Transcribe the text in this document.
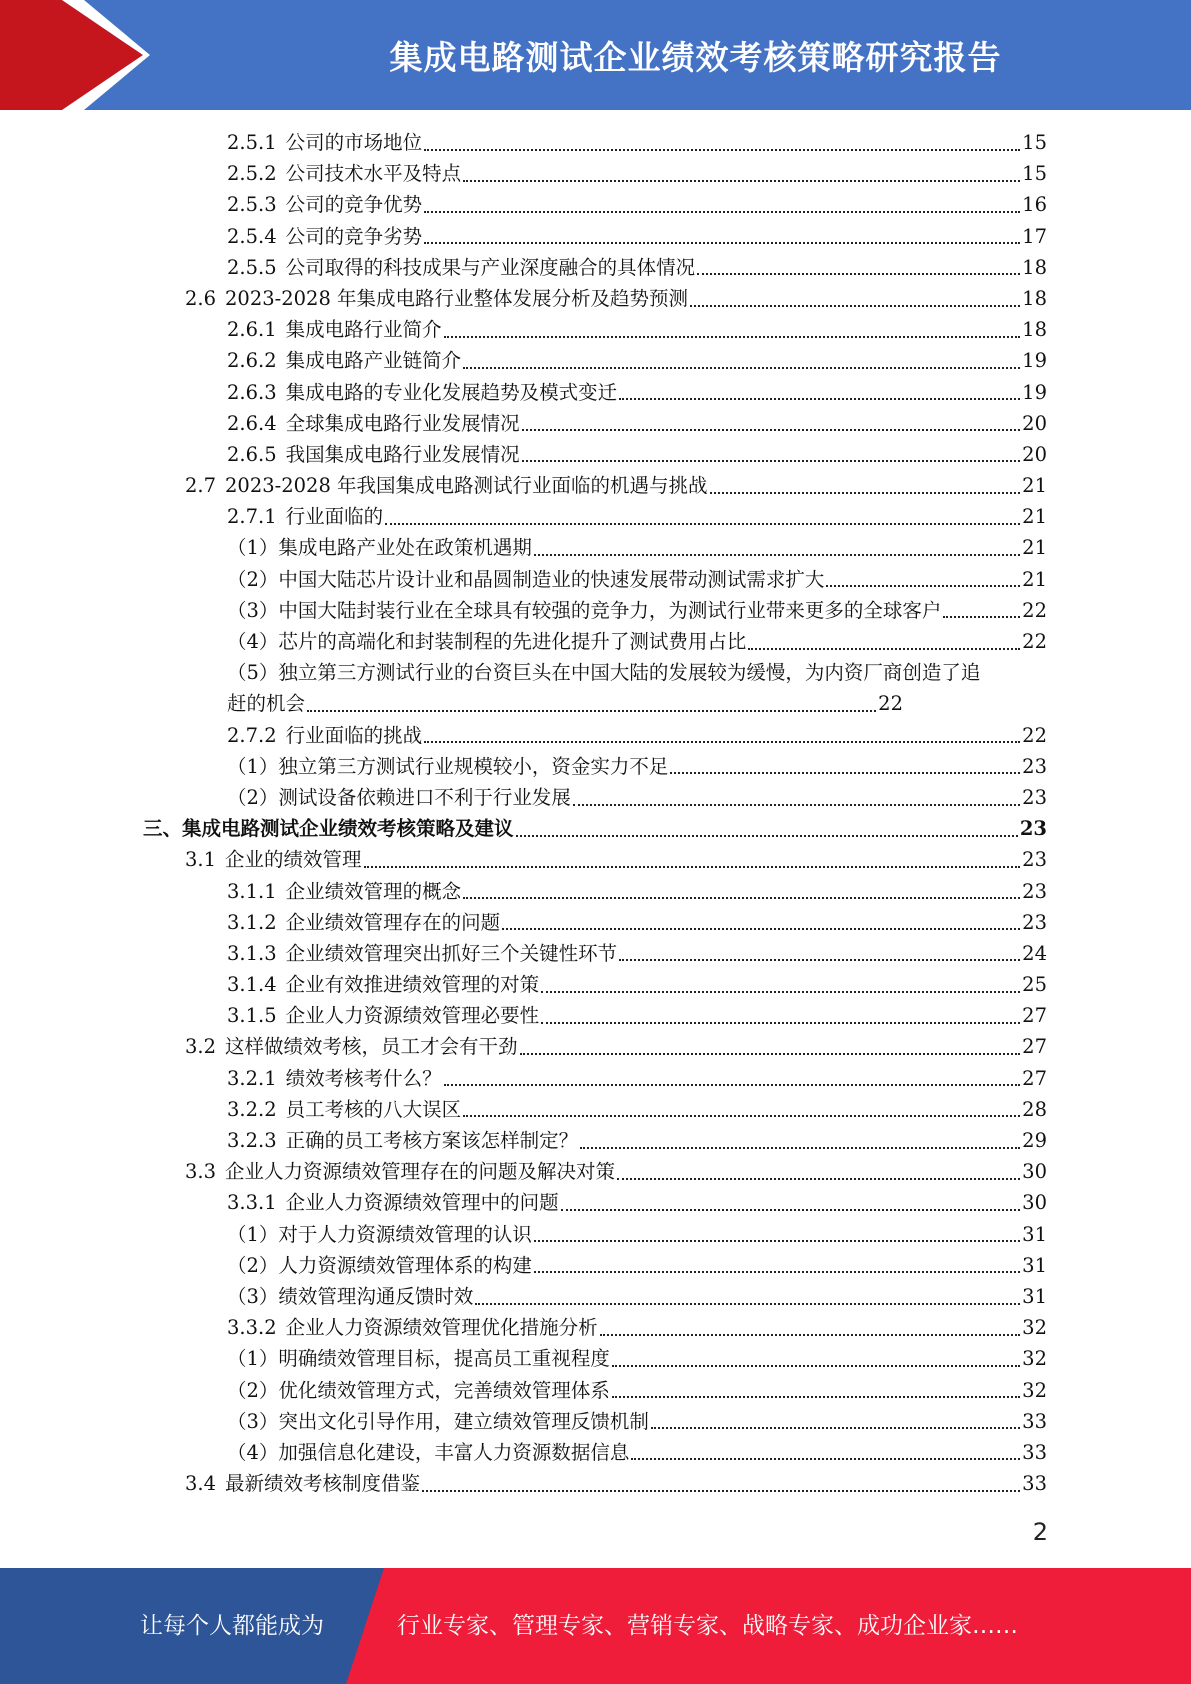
集成电路测试企业绩效考核策略研究报告
2.5.1 公司的市场地位	15
2.5.2 公司技术水平及特点	15
2.5.3 公司的竞争优势	16
2.5.4 公司的竞争劣势	17
2.5.5 公司取得的科技成果与产业深度融合的具体情况	18
2.6 2023-2028 年集成电路行业整体发展分析及趋势预测	18
2.6.1 集成电路行业简介	18
2.6.2 集成电路产业链简介	19
2.6.3 集成电路的专业化发展趋势及模式变迁	19
2.6.4 全球集成电路行业发展情况	20
2.6.5 我国集成电路行业发展情况	20
2.7 2023-2028 年我国集成电路测试行业面临的机遇与挑战	21
2.7.1 行业面临的	21
（1） 集成电路产业处在政策机遇期	21
（2） 中国大陆芯片设计业和晶圆制造业的快速发展带动测试需求扩大	21
（3） 中国大陆封装行业在全球具有较强的竞争力，为测试行业带来更多的全球客户	22
（4） 芯片的高端化和封装制程的先进化提升了测试费用占比	22
（5）独立第三方测试行业的台资巨头在中国大陆的发展较为缓慢，为内资厂商创造了追
赶的机会	22
2.7.2 行业面临的挑战	22
（1） 独立第三方测试行业规模较小，资金实力不足	23
（2） 测试设备依赖进口不利于行业发展	23
三、 集成电路测试企业绩效考核策略及建议	23
3.1 企业的绩效管理	23
3.1.1 企业绩效管理的概念	23
3.1.2 企业绩效管理存在的问题	23
3.1.3 企业绩效管理突出抓好三个关键性环节	24
3.1.4 企业有效推进绩效管理的对策	25
3.1.5 企业人力资源绩效管理必要性	27
3.2 这样做绩效考核，员工才会有干劲	27
3.2.1 绩效考核考什么？	27
3.2.2 员工考核的八大误区	28
3.2.3 正确的员工考核方案该怎样制定？	29
3.3 企业人力资源绩效管理存在的问题及解决对策	30
3.3.1 企业人力资源绩效管理中的问题	30
（1） 对于人力资源绩效管理的认识	31
（2） 人力资源绩效管理体系的构建	31
（3） 绩效管理沟通反馈时效	31
3.3.2 企业人力资源绩效管理优化措施分析	32
（1） 明确绩效管理目标，提高员工重视程度	32
（2） 优化绩效管理方式，完善绩效管理体系	32
（3） 突出文化引导作用，建立绩效管理反馈机制	33
（4） 加强信息化建设，丰富人力资源数据信息	33
3.4 最新绩效考核制度借鉴	33
2
让每个人都能成为	行业专家、管理专家、营销专家、战略专家、成功企业家……
